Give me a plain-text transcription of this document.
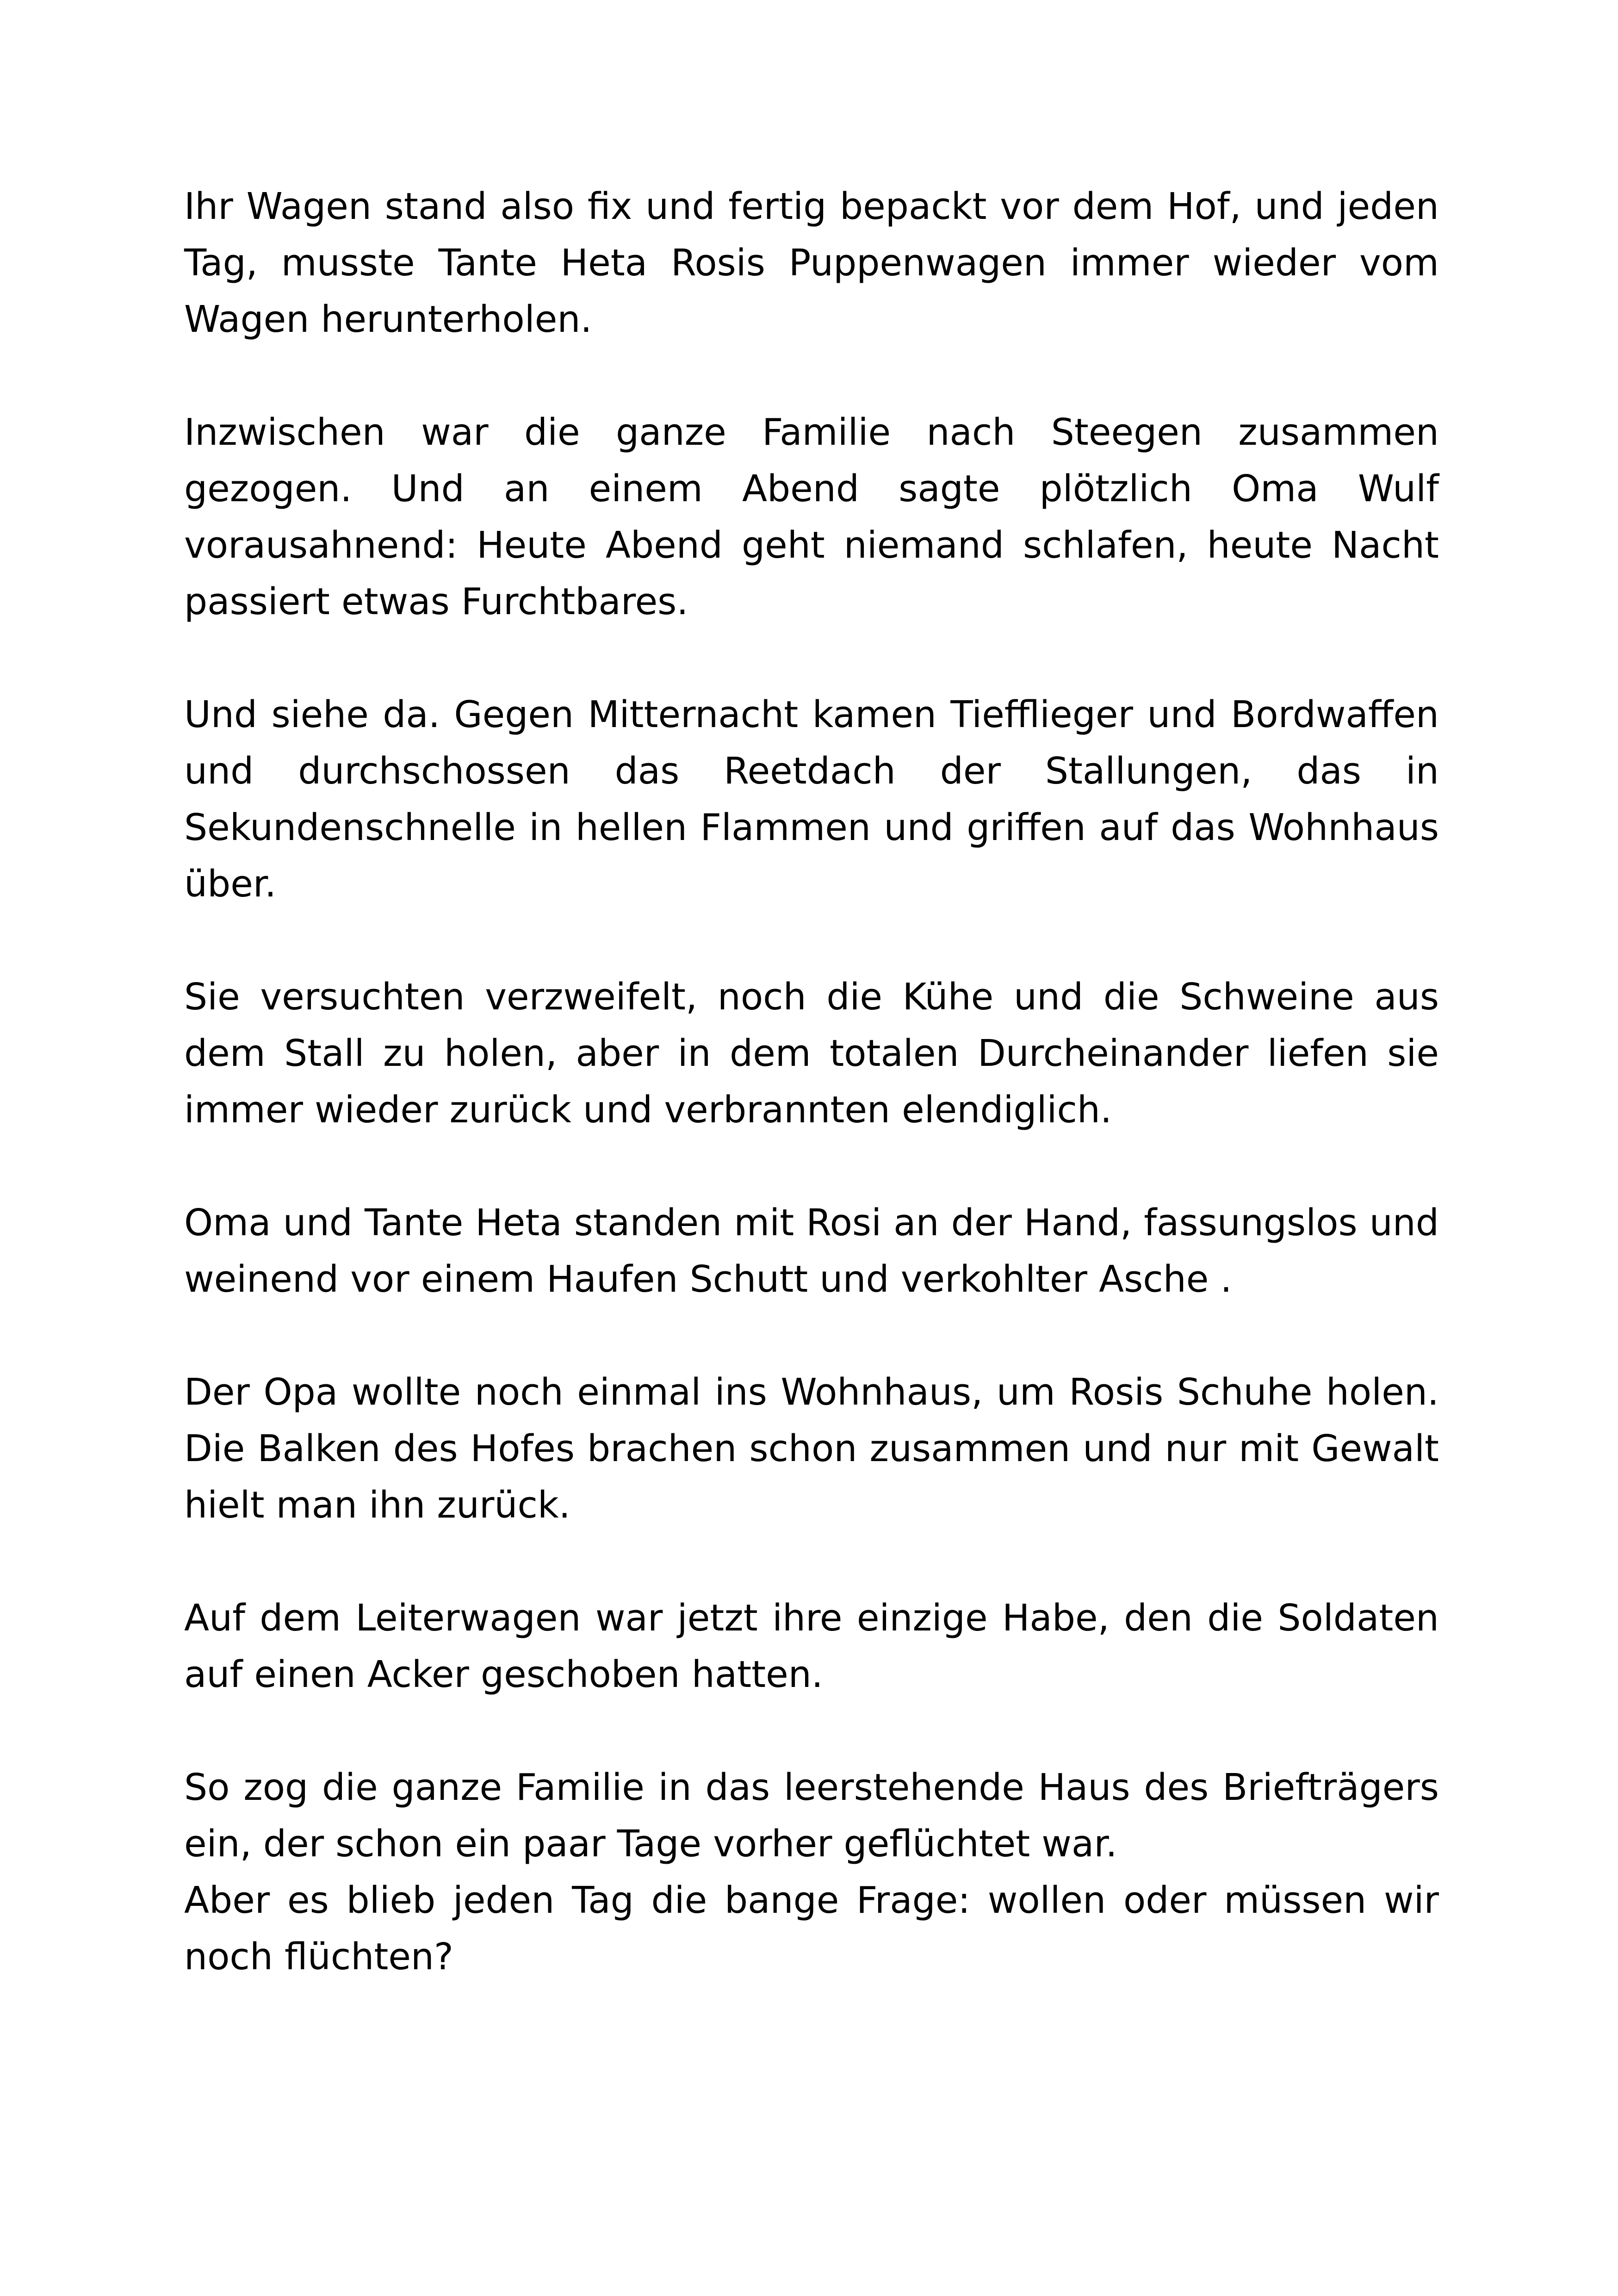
Ihr Wagen stand also fix und fertig bepackt vor dem Hof, und jeden Tag, musste Tante Heta Rosis Puppenwagen immer wieder vom Wagen herunterholen.

Inzwischen war die ganze Familie nach Steegen zusammen gezogen. Und an einem Abend sagte plötzlich Oma Wulf vorausahnend: Heute Abend geht niemand schlafen, heute Nacht passiert etwas Furchtbares.

Und siehe da. Gegen Mitternacht kamen Tiefflieger und Bordwaffen und durchschossen das Reetdach der Stallungen, das in Sekundenschnelle in hellen Flammen und griffen auf das Wohnhaus über.

Sie versuchten verzweifelt, noch die Kühe und die Schweine aus dem Stall zu holen, aber in dem totalen Durcheinander liefen sie immer wieder zurück und verbrannten elendiglich.

Oma und Tante Heta standen mit Rosi an der Hand, fassungslos und weinend vor einem Haufen Schutt und verkohlter Asche .

Der Opa wollte noch einmal ins Wohnhaus, um Rosis Schuhe holen. Die Balken des Hofes brachen schon zusammen und nur mit Gewalt hielt man ihn zurück.

Auf dem Leiterwagen war jetzt ihre einzige Habe, den die Soldaten auf einen Acker geschoben hatten.

So zog die ganze Familie in das leerstehende Haus des Briefträgers ein, der schon ein paar Tage vorher geflüchtet war.

Aber es blieb jeden Tag die bange Frage: wollen oder müssen wir noch flüchten?
